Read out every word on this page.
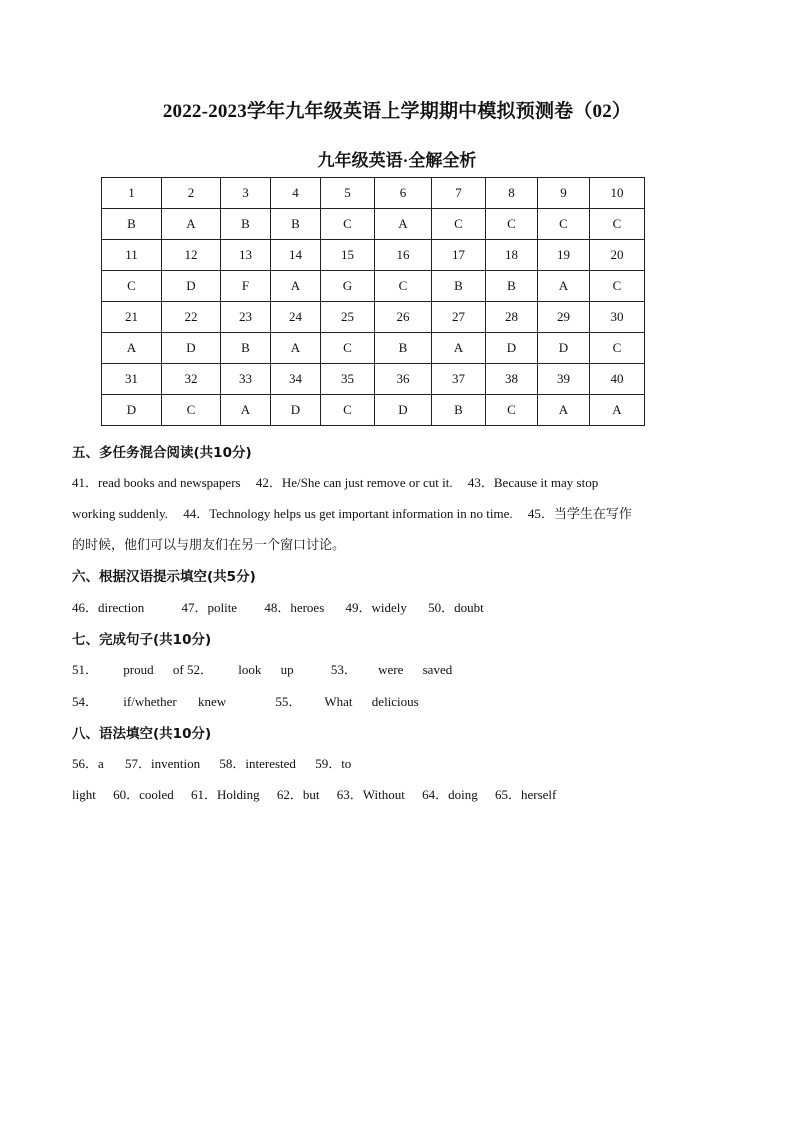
2022-2023学年九年级英语上学期期中模拟预测卷（02）
九年级英语·全解全析
1	2	3	4	5	6	7	8	9	10
B	A	B	B	C	A	C	C	C	C
11	12	13	14	15	16	17	18	19	20
C	D	F	A	G	C	B	B	A	C
21	22	23	24	25	26	27	28	29	30
A	D	B	A	C	B	A	D	D	C
31	32	33	34	35	36	37	38	39	40
D	C	A	D	C	D	B	C	A	A
五、多任务混合阅读(共10分)
41．read books and newspapers 42．He/She can just remove or cut it. 43．Because it may stop
working suddenly. 44．Technology helps us get important information in no time. 45．当学生在写作
的时候，他们可以与朋友们在另一个窗口讨论。
六、根据汉语提示填空(共5分)
46．direction	47．polite 48．heroes 49．widely 50．doubt
七、完成句子(共10分)
51． proud of 52． look up	53． were saved
54． if/whether knew	55． What delicious
八、语法填空(共10分)
56．a 57．invention 58．interested 59．to
light 60．cooled 61．Holding 62．but 63．Without 64．doing 65．herself
